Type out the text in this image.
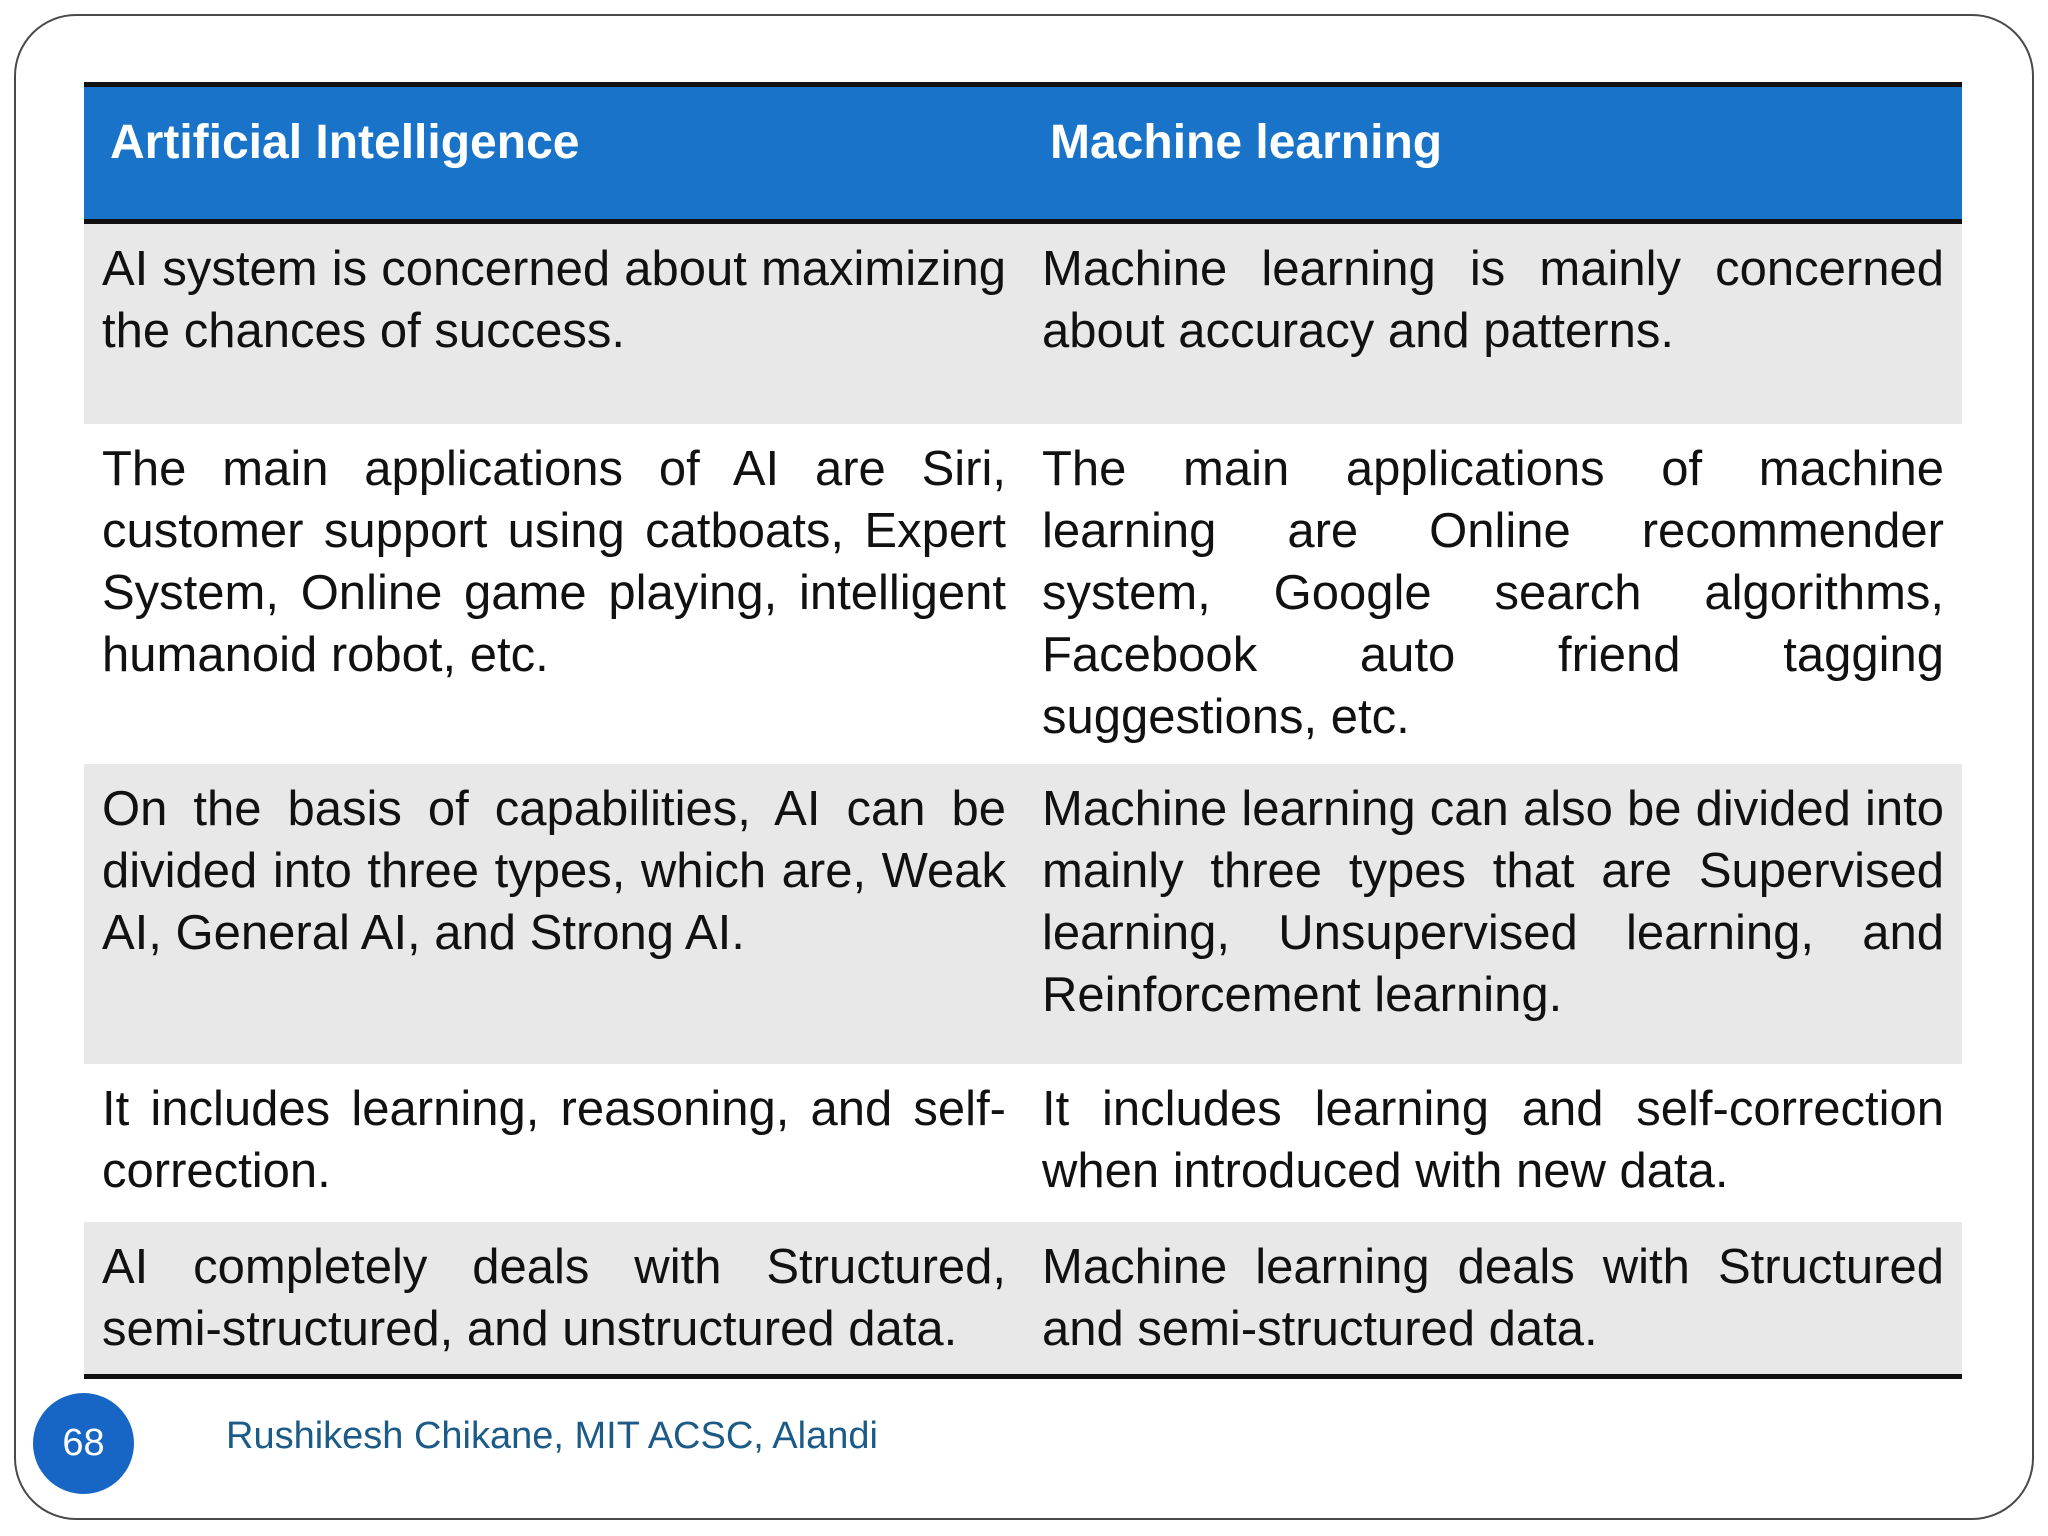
Artificial Intelligence	Machine learning
AI system is concerned about maximizing the chances of success.	Machine learning is mainly concerned about accuracy and patterns.
The main applications of AI are Siri, customer support using catboats, Expert System, Online game playing, intelligent humanoid robot, etc.	The main applications of machine learning are Online recommender system, Google search algorithms, Facebook auto friend tagging suggestions, etc.
On the basis of capabilities, AI can be divided into three types, which are, Weak AI, General AI, and Strong AI.	Machine learning can also be divided into mainly three types that are Supervised learning, Unsupervised learning, and Reinforcement learning.
It includes learning, reasoning, and self-correction.	It includes learning and self-correction when introduced with new data.
AI completely deals with Structured, semi-structured, and unstructured data.	Machine learning deals with Structured and semi-structured data.
68	Rushikesh Chikane, MIT ACSC, Alandi
